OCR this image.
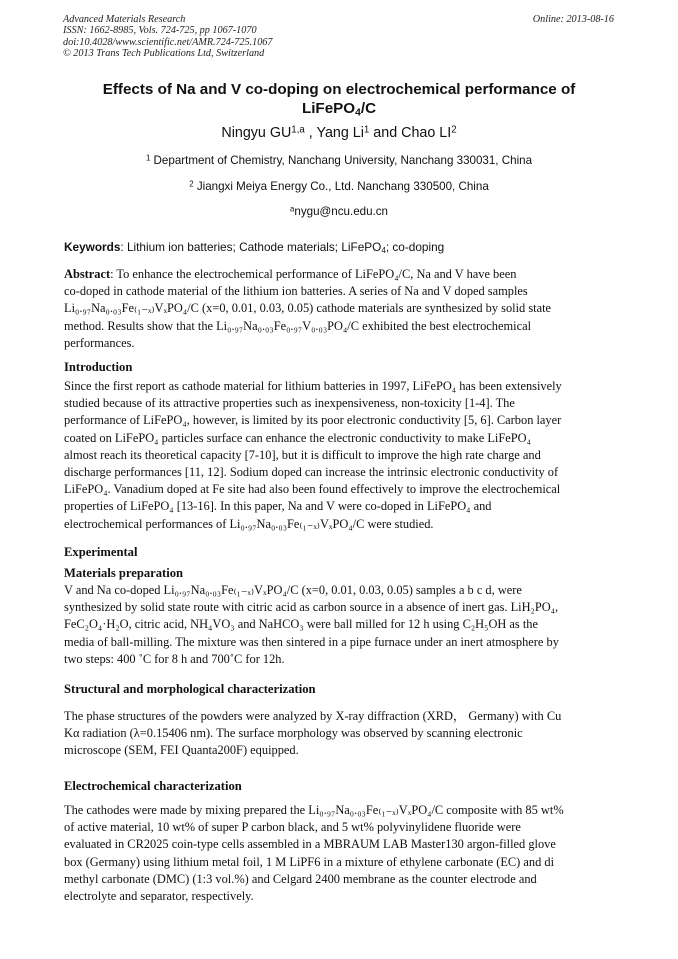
Advanced Materials Research
ISSN: 1662-8985, Vols. 724-725, pp 1067-1070
doi:10.4028/www.scientific.net/AMR.724-725.1067
© 2013 Trans Tech Publications Ltd, Switzerland
Online: 2013-08-16
Effects of Na and V co-doping on electrochemical performance of
LiFePO$_4$/C
Ningyu GU$^{1,a}$ , Yang Li$^1$ and Chao $LI^2$
$^1$ Department of Chemistry, Nanchang University, Nanchang 330031, China
$^2$ Jiangxi Meiya Energy Co., Ltd. Nanchang 330500, China
$^a$nygu@ncu.edu.cn
Keywords: Lithium ion batteries; Cathode materials; LiFePO$_4$; co-doping
Abstract: To enhance the electrochemical performance of LiFePO₄/C, Na and V have been
co-doped in cathode material of the lithium ion batteries. A series of Na and V doped samples
Li₀.₉₇Na₀.₀₃Fe₍₁₋ₓ₎VₓPO₄/C (x=0, 0.01, 0.03, 0.05) cathode materials are synthesized by solid state
method. Results show that the Li₀.₉₇Na₀.₀₃Fe₀.₉₇V₀.₀₃PO₄/C exhibited the best electrochemical
performances.
Introduction
Since the first report as cathode material for lithium batteries in 1997, LiFePO₄ has been extensively
studied because of its attractive properties such as inexpensiveness, non-toxicity [1-4]. The
performance of LiFePO₄, however, is limited by its poor electronic conductivity [5, 6]. Carbon layer
coated on LiFePO₄ particles surface can enhance the electronic conductivity to make LiFePO₄
almost reach its theoretical capacity [7-10], but it is difficult to improve the high rate charge and
discharge performances [11, 12]. Sodium doped can increase the intrinsic electronic conductivity of
LiFePO₄. Vanadium doped at Fe site had also been found effectively to improve the electrochemical
properties of LiFePO₄ [13-16]. In this paper, Na and V were co-doped in LiFePO₄ and
electrochemical performances of Li₀.₉₇Na₀.₀₃Fe₍₁₋ₓ₎VₓPO₄/C were studied.
Experimental
Materials preparation
V and Na co-doped Li₀.₉₇Na₀.₀₃Fe₍₁₋ₓ₎VₓPO₄/C (x=0, 0.01, 0.03, 0.05) samples a b c d, were
synthesized by solid state route with citric acid as carbon source in a absence of inert gas. LiH₂PO₄,
FeC₂O₄·H₂O, citric acid, NH₄VO₃ and NaHCO₃ were ball milled for 12 h using C₂H₅OH as the
media of ball-milling. The mixture was then sintered in a pipe furnace under an inert atmosphere by
two steps: 400 ˚C for 8 h and 700˚C for 12h.
Structural and morphological characterization
The phase structures of the powders were analyzed by X-ray diffraction (XRD， Germany) with Cu
Kα radiation (λ=0.15406 nm). The surface morphology was observed by scanning electronic
microscope (SEM, FEI Quanta200F) equipped.
Electrochemical characterization
The cathodes were made by mixing prepared the Li₀.₉₇Na₀.₀₃Fe₍₁₋ₓ₎VₓPO₄/C composite with 85 wt%
of active material, 10 wt% of super P carbon black, and 5 wt% polyvinylidene fluoride were
evaluated in CR2025 coin-type cells assembled in a MBRAUM LAB Master130 argon-filled glove
box (Germany) using lithium metal foil, 1 M LiPF6 in a mixture of ethylene carbonate (EC) and di
methyl carbonate (DMC) (1:3 vol.%) and Celgard 2400 membrane as the counter electrode and
electrolyte and separator, respectively.
